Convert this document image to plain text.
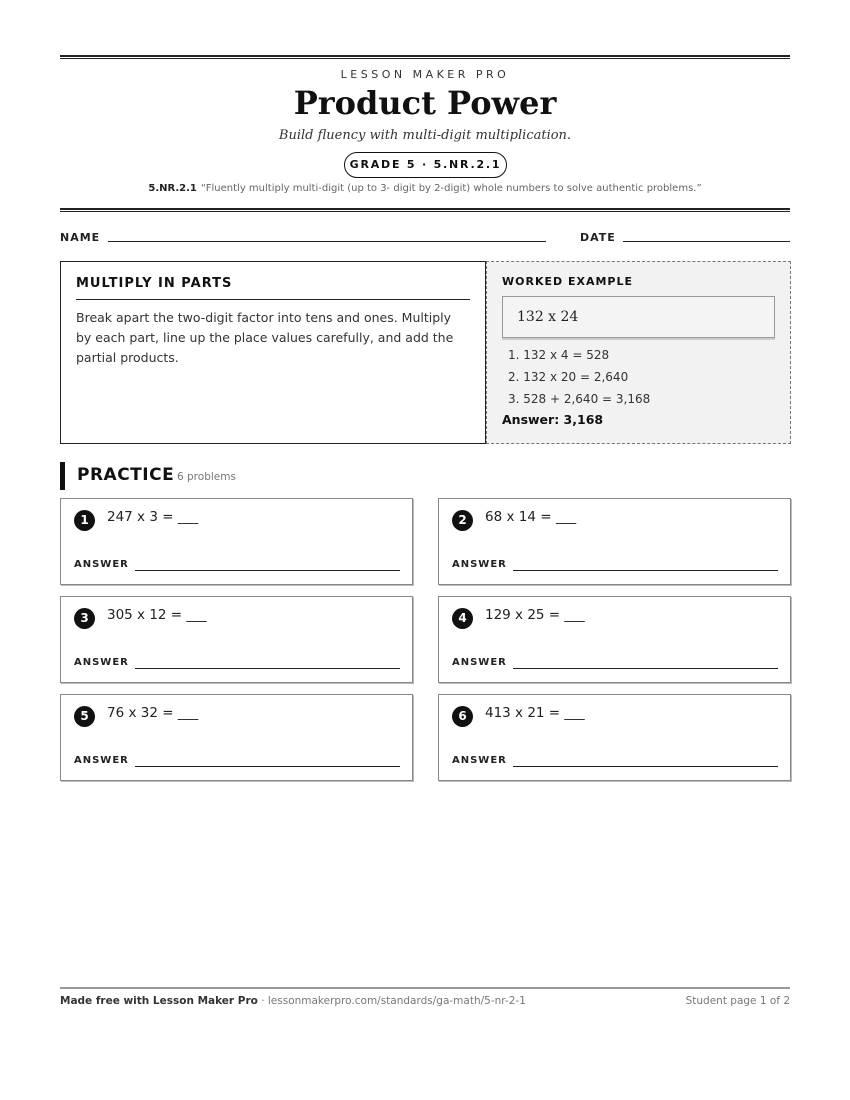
LESSON MAKER PRO
Product Power
Build fluency with multi-digit multiplication.
GRADE 5 · 5.NR.2.1
5.NR.2.1 “Fluently multiply multi-digit (up to 3- digit by 2-digit) whole numbers to solve authentic problems.”
NAME	DATE
MULTIPLY IN PARTS
Break apart the two-digit factor into tens and ones. Multiply by each part, line up the place values carefully, and add the partial products.
WORKED EXAMPLE
132 x 24
1. 132 x 4 = 528
2. 132 x 20 = 2,640
3. 528 + 2,640 = 3,168
Answer: 3,168
PRACTICE 6 problems
1	247 x 3 = ___
ANSWER
2	68 x 14 = ___
ANSWER
3	305 x 12 = ___
ANSWER
4	129 x 25 = ___
ANSWER
5	76 x 32 = ___
ANSWER
6	413 x 21 = ___
ANSWER
Made free with Lesson Maker Pro · lessonmakerpro.com/standards/ga-math/5-nr-2-1	Student page 1 of 2
